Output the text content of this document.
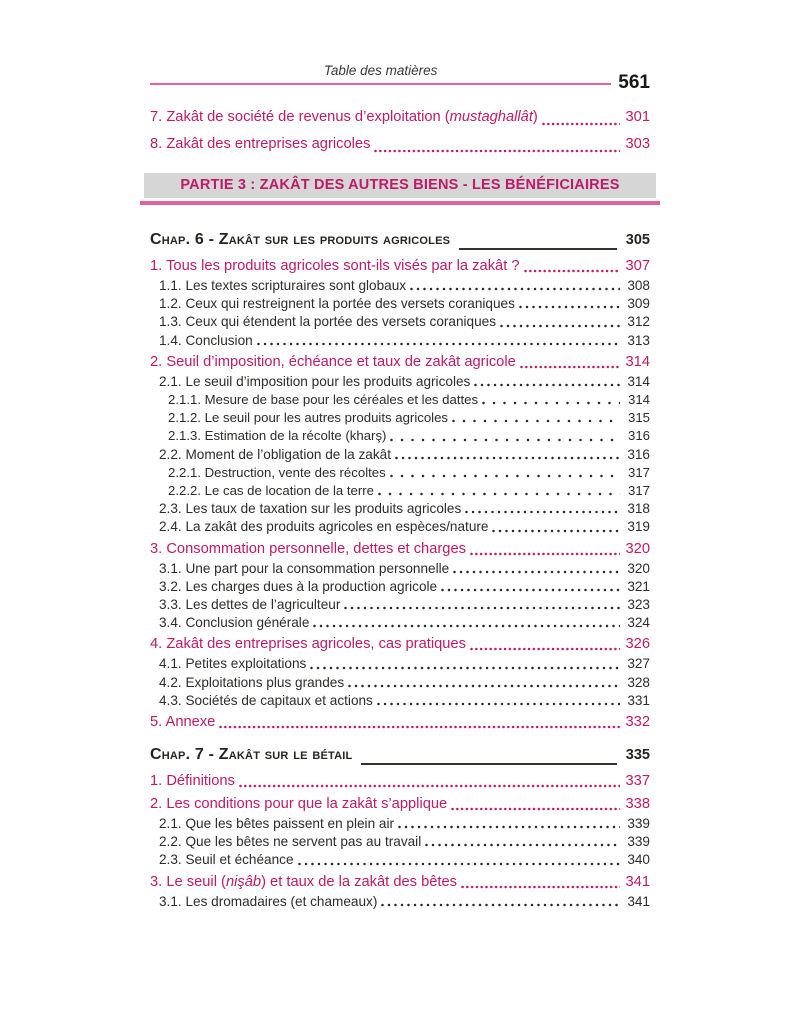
Table des matières
561
7. Zakât de société de revenus d’exploitation (mustaghallât)	301
8. Zakât des entreprises agricoles	303
PARTIE 3 : ZAKÂT DES AUTRES BIENS - LES BÉNÉFICIAIRES
Chap. 6 - Zakât sur les produits agricoles	305
1. Tous les produits agricoles sont-ils visés par la zakât ?	307
1.1. Les textes scripturaires sont globaux	308
1.2. Ceux qui restreignent la portée des versets coraniques	309
1.3. Ceux qui étendent la portée des versets coraniques	312
1.4. Conclusion	313
2. Seuil d’imposition, échéance et taux de zakât agricole	314
2.1. Le seuil d’imposition pour les produits agricoles	314
2.1.1. Mesure de base pour les céréales et les dattes	314
2.1.2. Le seuil pour les autres produits agricoles	315
2.1.3. Estimation de la récolte (kharş)	316
2.2. Moment de l’obligation de la zakât	316
2.2.1. Destruction, vente des récoltes	317
2.2.2. Le cas de location de la terre	317
2.3. Les taux de taxation sur les produits agricoles	318
2.4. La zakât des produits agricoles en espèces/nature	319
3. Consommation personnelle, dettes et charges	320
3.1. Une part pour la consommation personnelle	320
3.2. Les charges dues à la production agricole	321
3.3. Les dettes de l’agriculteur	323
3.4. Conclusion générale	324
4. Zakât des entreprises agricoles, cas pratiques	326
4.1. Petites exploitations	327
4.2. Exploitations plus grandes	328
4.3. Sociétés de capitaux et actions	331
5. Annexe	332
Chap. 7 - Zakât sur le bétail	335
1. Définitions	337
2. Les conditions pour que la zakât s’applique	338
2.1. Que les bêtes paissent en plein air	339
2.2. Que les bêtes ne servent pas au travail	339
2.3. Seuil et échéance	340
3. Le seuil (nişâb) et taux de la zakât des bêtes	341
3.1. Les dromadaires (et chameaux)	341
